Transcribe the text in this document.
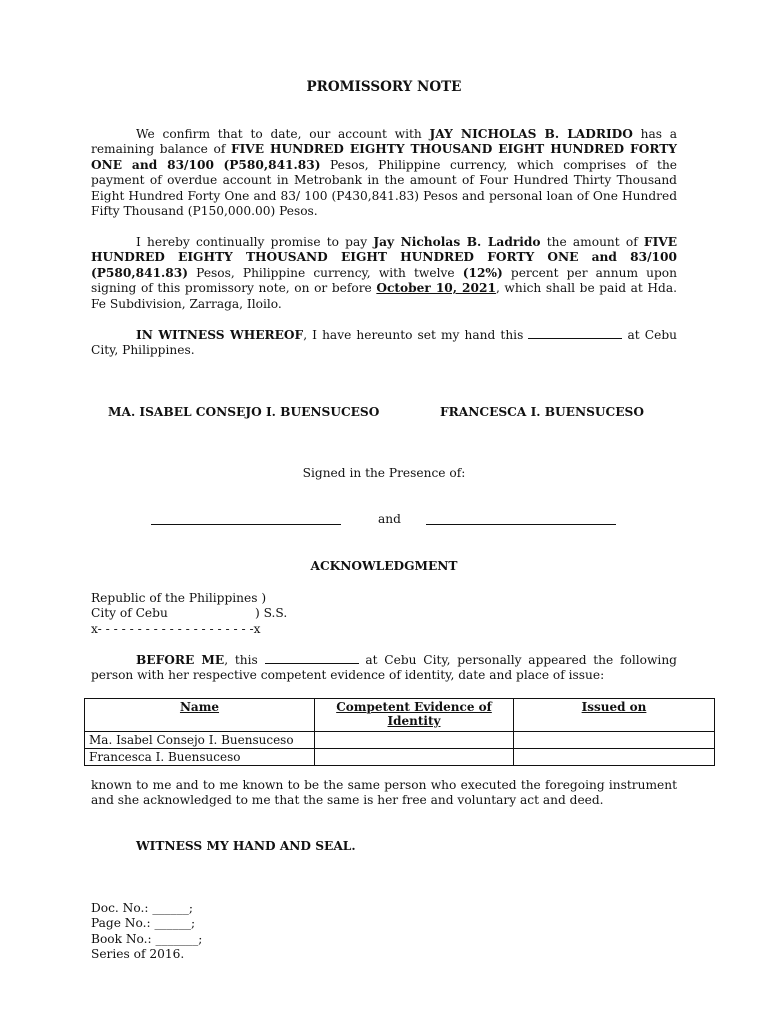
PROMISSORY NOTE

We confirm that to date, our account with JAY NICHOLAS B. LADRIDO has a remaining balance of FIVE HUNDRED EIGHTY THOUSAND EIGHT HUNDRED FORTY ONE and 83/100 (P580,841.83) Pesos, Philippine currency, which comprises of the payment of overdue account in Metrobank in the amount of Four Hundred Thirty Thousand Eight Hundred Forty One and 83/ 100 (P430,841.83) Pesos and personal loan of One Hundred Fifty Thousand (P150,000.00) Pesos.

I hereby continually promise to pay Jay Nicholas B. Ladrido the amount of FIVE HUNDRED EIGHTY THOUSAND EIGHT HUNDRED FORTY ONE and 83/100 (P580,841.83) Pesos, Philippine currency, with twelve (12%) percent per annum upon signing of this promissory note, on or before October 10, 2021, which shall be paid at Hda. Fe Subdivision, Zarraga, Iloilo.

IN WITNESS WHEREOF, I have hereunto set my hand this	at Cebu City, Philippines.

MA. ISABEL CONSEJO I. BUENSUCESO	FRANCESCA I. BUENSUCESO
Signed in the Presence of:
and
ACKNOWLEDGMENT
Republic of the Philippines )
City of Cebu	) S.S.
x- - - - - - - - - - - - - - - - - - - -x

BEFORE ME, this	at Cebu City, personally appeared the following person with her respective competent evidence of identity, date and place of issue:

Name	Competent Evidence of Identity	Issued on
Ma. Isabel Consejo I. Buensuceso		
Francesca I. Buensuceso		

known to me and to me known to be the same person who executed the foregoing instrument and she acknowledged to me that the same is her free and voluntary act and deed.

WITNESS MY HAND AND SEAL.
Doc. No.: ______;
Page No.: ______;
Book No.: _______;
Series of 2016.
